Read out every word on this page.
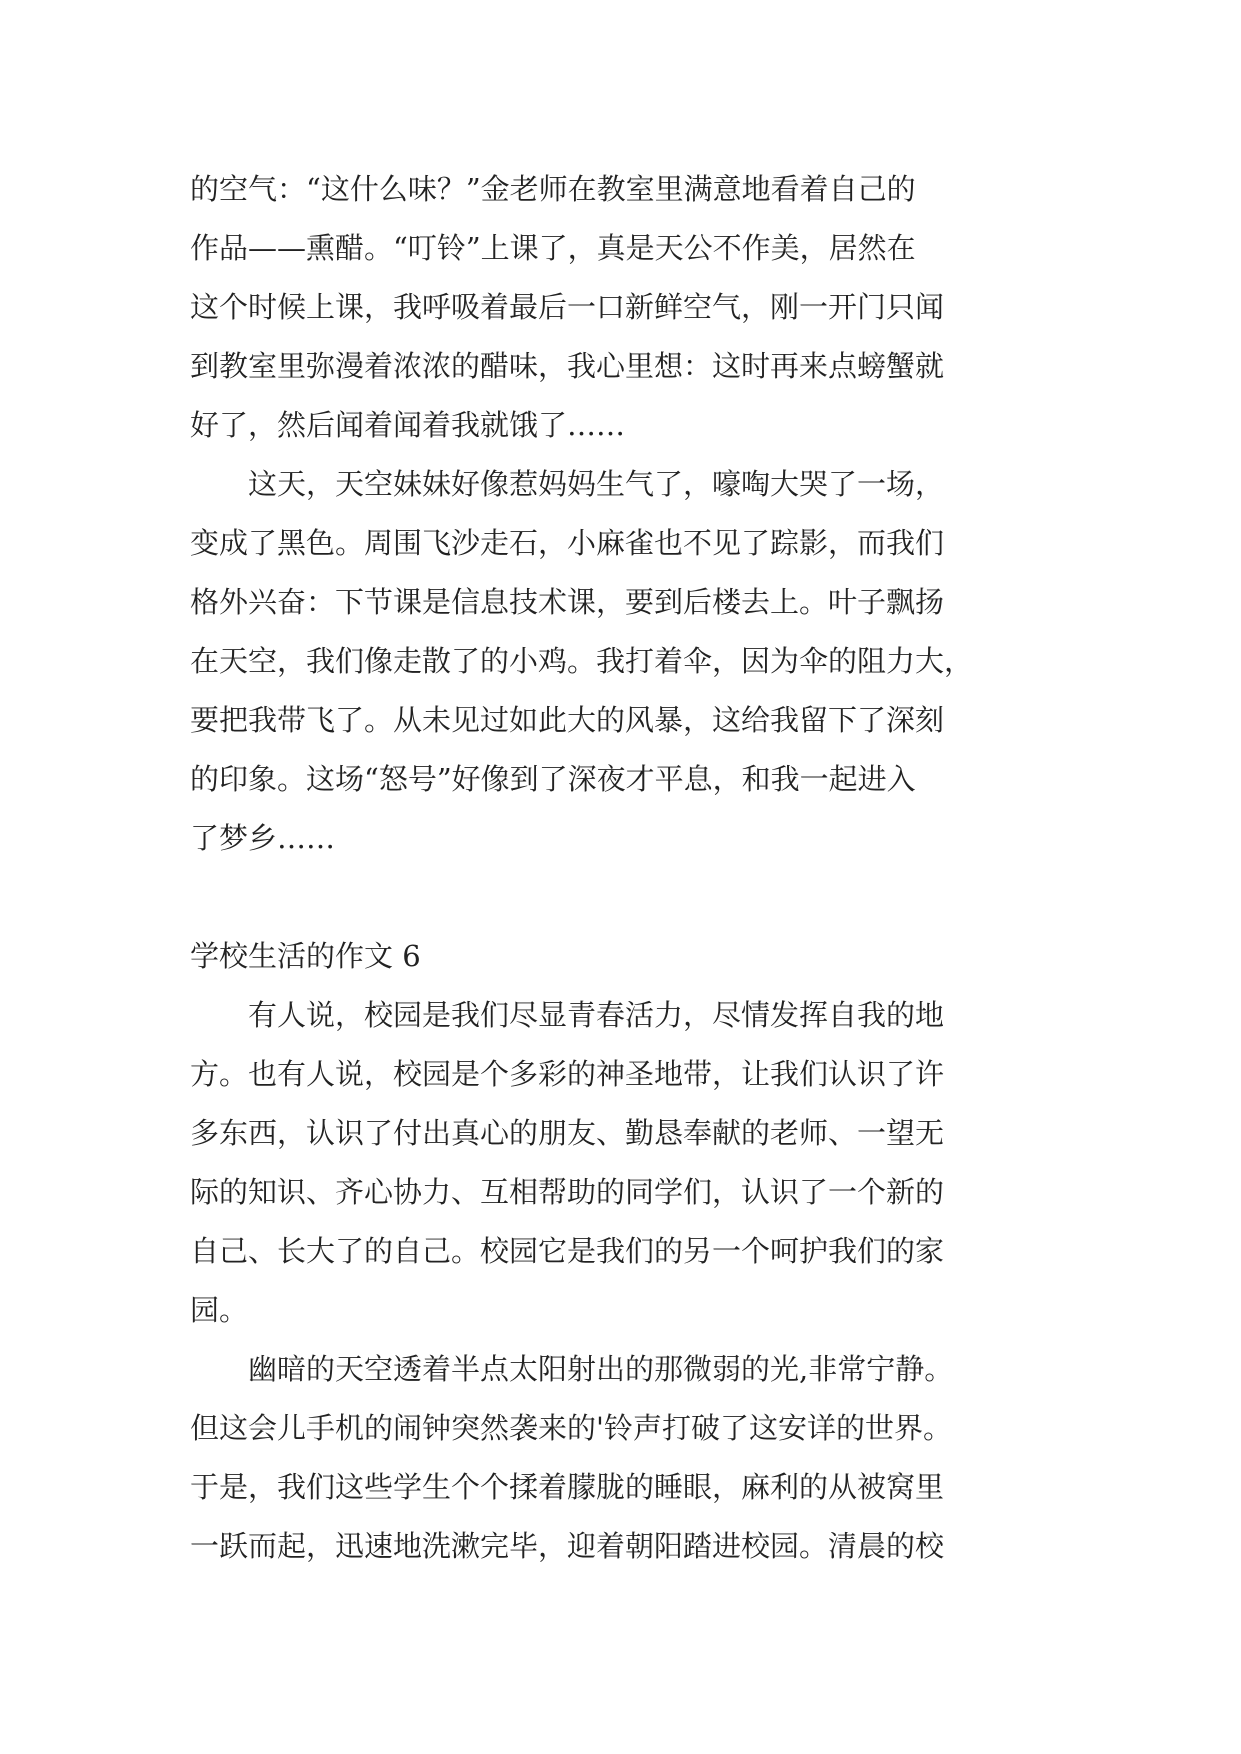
的空气：“这什么味？”金老师在教室里满意地看着自己的
作品——熏醋。“叮铃”上课了，真是天公不作美，居然在
这个时候上课，我呼吸着最后一口新鲜空气，刚一开门只闻
到教室里弥漫着浓浓的醋味，我心里想：这时再来点螃蟹就
好了，然后闻着闻着我就饿了……
　　这天，天空妹妹好像惹妈妈生气了，嚎啕大哭了一场，
变成了黑色。周围飞沙走石，小麻雀也不见了踪影，而我们
格外兴奋：下节课是信息技术课，要到后楼去上。叶子飘扬
在天空，我们像走散了的小鸡。我打着伞，因为伞的阻力大，
要把我带飞了。从未见过如此大的风暴，这给我留下了深刻
的印象。这场“怒号”好像到了深夜才平息，和我一起进入
了梦乡……
学校生活的作文 6
　　有人说，校园是我们尽显青春活力，尽情发挥自我的地
方。也有人说，校园是个多彩的神圣地带，让我们认识了许
多东西，认识了付出真心的朋友、勤恳奉献的老师、一望无
际的知识、齐心协力、互相帮助的同学们，认识了一个新的
自己、长大了的自己。校园它是我们的另一个呵护我们的家
园。
　　幽暗的天空透着半点太阳射出的那微弱的光,非常宁静。
但这会儿手机的闹钟突然袭来的'铃声打破了这安详的世界。
于是，我们这些学生个个揉着朦胧的睡眼，麻利的从被窝里
一跃而起，迅速地洗漱完毕，迎着朝阳踏进校园。清晨的校
